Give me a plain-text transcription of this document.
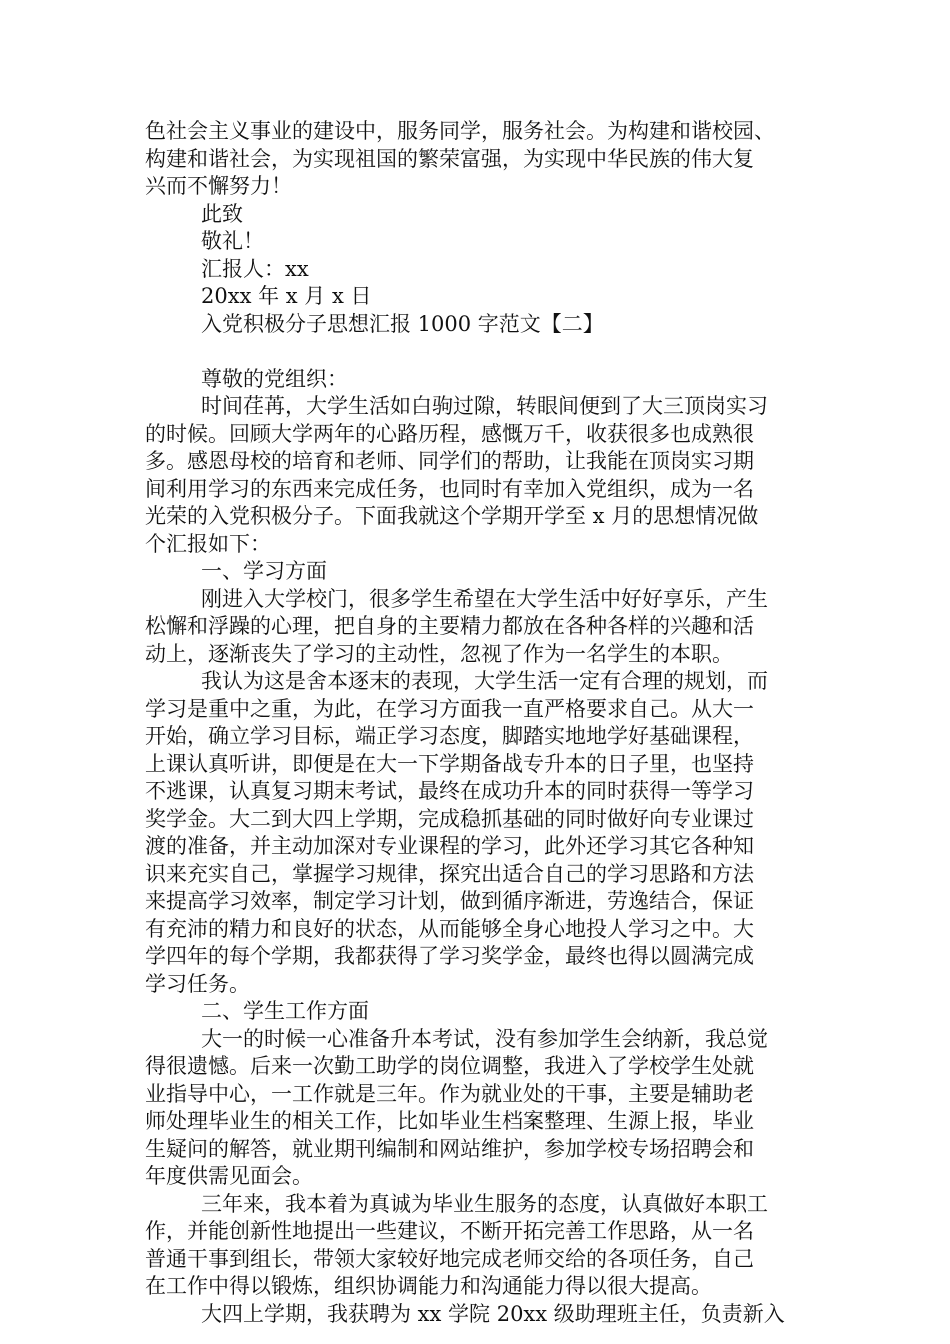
色社会主义事业的建设中，服务同学，服务社会。为构建和谐校园、
构建和谐社会，为实现祖国的繁荣富强，为实现中华民族的伟大复
兴而不懈努力！
此致
敬礼！
汇报人：xx
20xx 年 x 月 x 日
入党积极分子思想汇报 1000 字范文【二】
尊敬的党组织：
时间荏苒，大学生活如白驹过隙，转眼间便到了大三顶岗实习
的时候。回顾大学两年的心路历程，感慨万千，收获很多也成熟很
多。感恩母校的培育和老师、同学们的帮助，让我能在顶岗实习期
间利用学习的东西来完成任务，也同时有幸加入党组织，成为一名
光荣的入党积极分子。下面我就这个学期开学至 x 月的思想情况做
个汇报如下：
一、学习方面
刚进入大学校门，很多学生希望在大学生活中好好享乐，产生
松懈和浮躁的心理，把自身的主要精力都放在各种各样的兴趣和活
动上，逐渐丧失了学习的主动性，忽视了作为一名学生的本职。
我认为这是舍本逐末的表现，大学生活一定有合理的规划，而
学习是重中之重，为此，在学习方面我一直严格要求自己。从大一
开始，确立学习目标，端正学习态度，脚踏实地地学好基础课程，
上课认真听讲，即便是在大一下学期备战专升本的日子里，也坚持
不逃课，认真复习期末考试，最终在成功升本的同时获得一等学习
奖学金。大二到大四上学期，完成稳抓基础的同时做好向专业课过
渡的准备，并主动加深对专业课程的学习，此外还学习其它各种知
识来充实自己，掌握学习规律，探究出适合自己的学习思路和方法
来提高学习效率，制定学习计划，做到循序渐进，劳逸结合，保证
有充沛的精力和良好的状态，从而能够全身心地投人学习之中。大
学四年的每个学期，我都获得了学习奖学金，最终也得以圆满完成
学习任务。
二、学生工作方面
大一的时候一心准备升本考试，没有参加学生会纳新，我总觉
得很遗憾。后来一次勤工助学的岗位调整，我进入了学校学生处就
业指导中心，一工作就是三年。作为就业处的干事，主要是辅助老
师处理毕业生的相关工作，比如毕业生档案整理、生源上报，毕业
生疑问的解答，就业期刊编制和网站维护，参加学校专场招聘会和
年度供需见面会。
三年来，我本着为真诚为毕业生服务的态度，认真做好本职工
作，并能创新性地提出一些建议，不断开拓完善工作思路，从一名
普通干事到组长，带领大家较好地完成老师交给的各项任务，自己
在工作中得以锻炼，组织协调能力和沟通能力得以很大提高。
大四上学期，我获聘为 xx 学院 20xx 级助理班主任，负责新入
